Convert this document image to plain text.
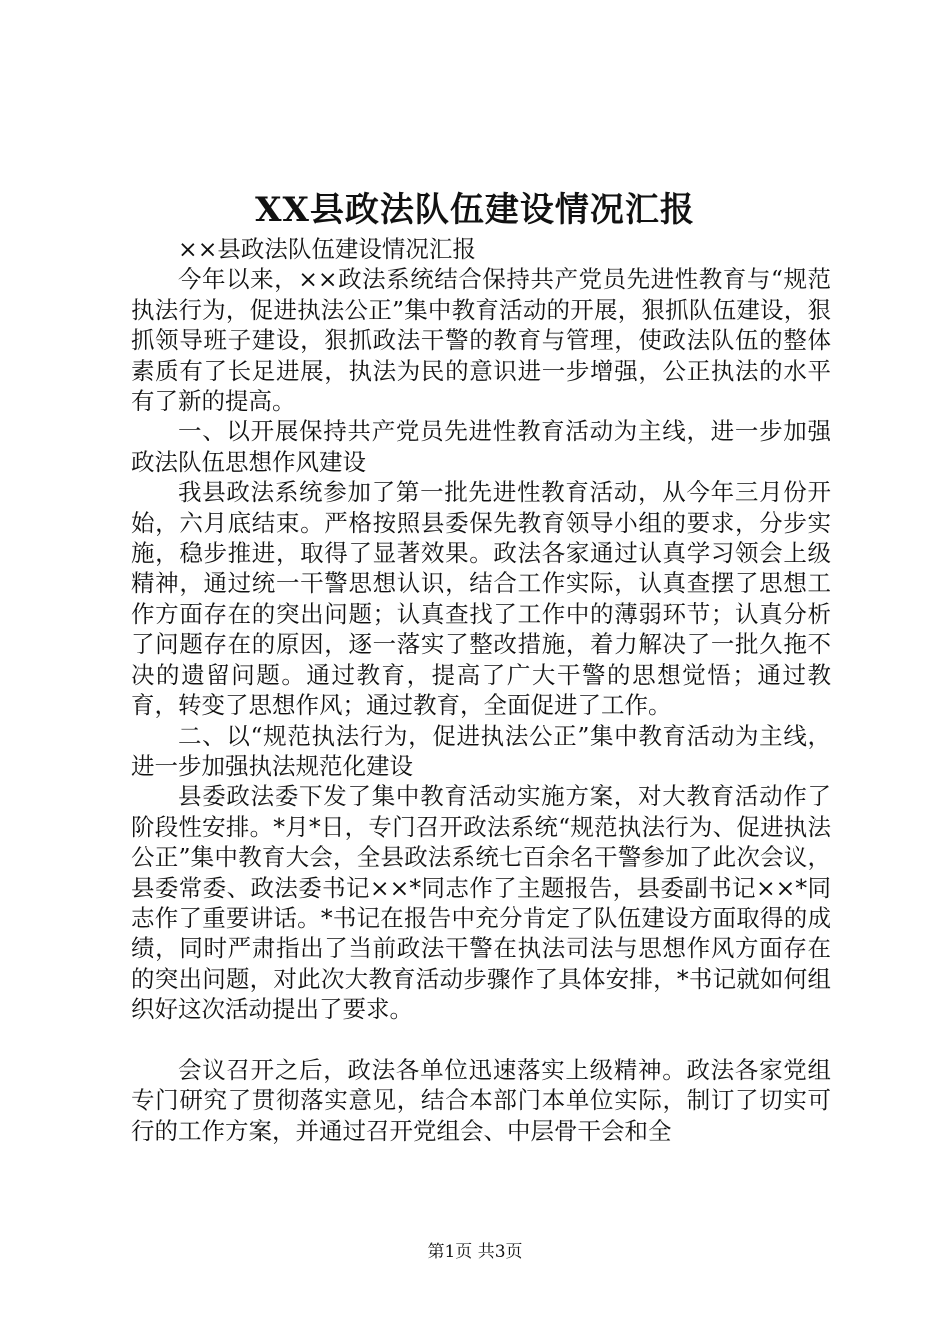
XX县政法队伍建设情况汇报

××县政法队伍建设情况汇报

今年以来，××政法系统结合保持共产党员先进性教育与“规范执法行为，促进执法公正”集中教育活动的开展，狠抓队伍建设，狠抓领导班子建设，狠抓政法干警的教育与管理，使政法队伍的整体素质有了长足进展，执法为民的意识进一步增强，公正执法的水平有了新的提高。

一、以开展保持共产党员先进性教育活动为主线，进一步加强政法队伍思想作风建设

我县政法系统参加了第一批先进性教育活动，从今年三月份开始，六月底结束。严格按照县委保先教育领导小组的要求，分步实施，稳步推进，取得了显著效果。政法各家通过认真学习领会上级精神，通过统一干警思想认识，结合工作实际，认真查摆了思想工作方面存在的突出问题；认真查找了工作中的薄弱环节；认真分析了问题存在的原因，逐一落实了整改措施，着力解决了一批久拖不决的遗留问题。通过教育，提高了广大干警的思想觉悟；通过教育，转变了思想作风；通过教育，全面促进了工作。

二、以“规范执法行为，促进执法公正”集中教育活动为主线，进一步加强执法规范化建设

县委政法委下发了集中教育活动实施方案，对大教育活动作了阶段性安排。*月*日，专门召开政法系统“规范执法行为、促进执法公正”集中教育大会，全县政法系统七百余名干警参加了此次会议，县委常委、政法委书记××*同志作了主题报告，县委副书记××*同志作了重要讲话。*书记在报告中充分肯定了队伍建设方面取得的成绩，同时严肃指出了当前政法干警在执法司法与思想作风方面存在的突出问题，对此次大教育活动步骤作了具体安排，*书记就如何组织好这次活动提出了要求。

会议召开之后，政法各单位迅速落实上级精神。政法各家党组专门研究了贯彻落实意见，结合本部门本单位实际，制订了切实可行的工作方案，并通过召开党组会、中层骨干会和全

第1页 共3页
